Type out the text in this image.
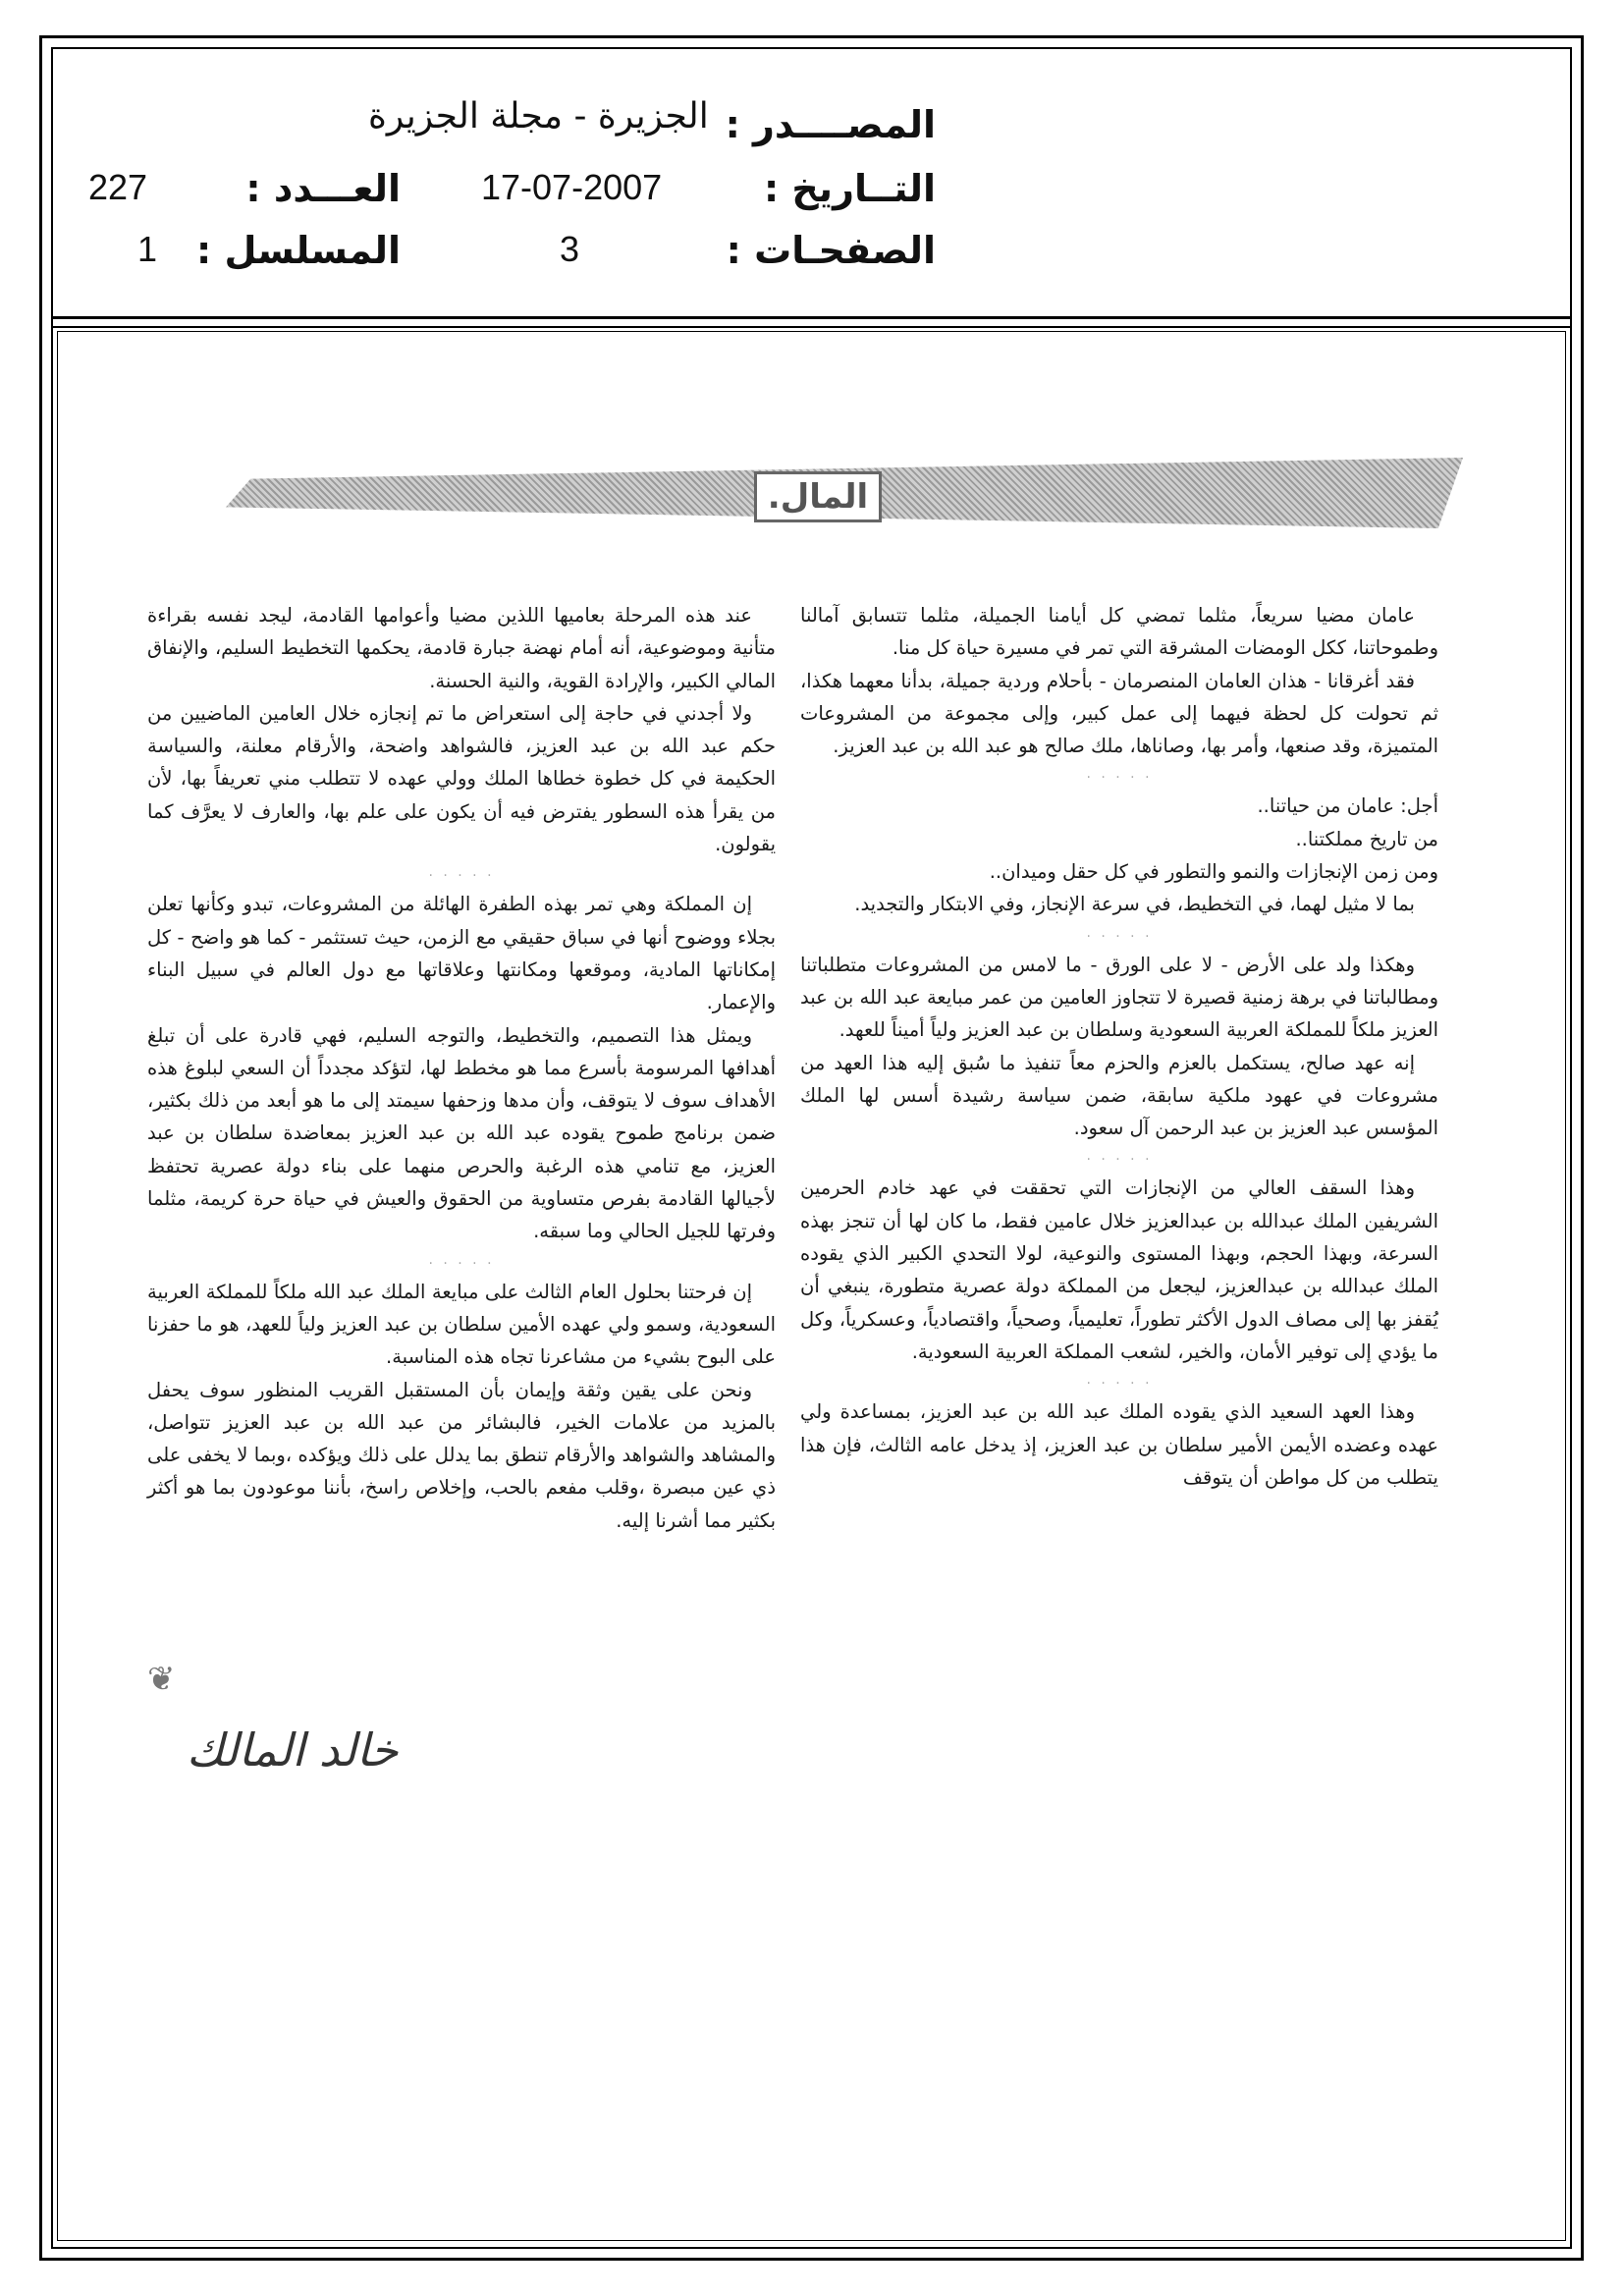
المصــــدر :
الجزيرة - مجلة الجزيرة
التــاريخ :
17-07-2007
العـــدد :
227
الصفحـات :
3
المسلسل :
1
المال.

عامان مضيا سريعاً، مثلما تمضي كل أيامنا الجميلة، مثلما تتسابق آمالنا وطموحاتنا، ككل الومضات المشرقة التي تمر في مسيرة حياة كل منا.

فقد أغرقانا - هذان العامان المنصرمان - بأحلام وردية جميلة، بدأنا معهما هكذا، ثم تحولت كل لحظة فيهما إلى عمل كبير، وإلى مجموعة من المشروعات المتميزة، وقد صنعها، وأمر بها، وصاناها، ملك صالح هو عبد الله بن عبد العزيز.

· · · · ·

أجل: عامان من حياتنا..

من تاريخ مملكتنا..

ومن زمن الإنجازات والنمو والتطور في كل حقل وميدان..

بما لا مثيل لهما، في التخطيط، في سرعة الإنجاز، وفي الابتكار والتجديد.

· · · · ·

وهكذا ولد على الأرض - لا على الورق - ما لامس من المشروعات متطلباتنا ومطالباتنا في برهة زمنية قصيرة لا تتجاوز العامين من عمر مبايعة عبد الله بن عبد العزيز ملكاً للمملكة العربية السعودية وسلطان بن عبد العزيز ولياً أميناً للعهد.

إنه عهد صالح، يستكمل بالعزم والحزم معاً تنفيذ ما سُبق إليه هذا العهد من مشروعات في عهود ملكية سابقة، ضمن سياسة رشيدة أسس لها الملك المؤسس عبد العزيز بن عبد الرحمن آل سعود.

· · · · ·

وهذا السقف العالي من الإنجازات التي تحققت في عهد خادم الحرمين الشريفين الملك عبدالله بن عبدالعزيز خلال عامين فقط، ما كان لها أن تنجز بهذه السرعة، وبهذا الحجم، وبهذا المستوى والنوعية، لولا التحدي الكبير الذي يقوده الملك عبدالله بن عبدالعزيز، ليجعل من المملكة دولة عصرية متطورة، ينبغي أن يُقفز بها إلى مصاف الدول الأكثر تطوراً، تعليمياً، وصحياً، واقتصادياً، وعسكرياً، وكل ما يؤدي إلى توفير الأمان، والخير، لشعب المملكة العربية السعودية.

· · · · ·

وهذا العهد السعيد الذي يقوده الملك عبد الله بن عبد العزيز، بمساعدة ولي عهده وعضده الأيمن الأمير سلطان بن عبد العزيز، إذ يدخل عامه الثالث، فإن هذا يتطلب من كل مواطن أن يتوقف

عند هذه المرحلة بعاميها اللذين مضيا وأعوامها القادمة، ليجد نفسه بقراءة متأنية وموضوعية، أنه أمام نهضة جبارة قادمة، يحكمها التخطيط السليم، والإنفاق المالي الكبير، والإرادة القوية، والنية الحسنة.

ولا أجدني في حاجة إلى استعراض ما تم إنجازه خلال العامين الماضيين من حكم عبد الله بن عبد العزيز، فالشواهد واضحة، والأرقام معلنة، والسياسة الحكيمة في كل خطوة خطاها الملك وولي عهده لا تتطلب مني تعريفاً بها، لأن من يقرأ هذه السطور يفترض فيه أن يكون على علم بها، والعارف لا يعرَّف كما يقولون.

· · · · ·

إن المملكة وهي تمر بهذه الطفرة الهائلة من المشروعات، تبدو وكأنها تعلن بجلاء ووضوح أنها في سباق حقيقي مع الزمن، حيث تستثمر - كما هو واضح - كل إمكاناتها المادية، وموقعها ومكانتها وعلاقاتها مع دول العالم في سبيل البناء والإعمار.

ويمثل هذا التصميم، والتخطيط، والتوجه السليم، فهي قادرة على أن تبلغ أهدافها المرسومة بأسرع مما هو مخطط لها، لتؤكد مجدداً أن السعي لبلوغ هذه الأهداف سوف لا يتوقف، وأن مدها وزحفها سيمتد إلى ما هو أبعد من ذلك بكثير، ضمن برنامج طموح يقوده عبد الله بن عبد العزيز بمعاضدة سلطان بن عبد العزيز، مع تنامي هذه الرغبة والحرص منهما على بناء دولة عصرية تحتفظ لأجيالها القادمة بفرص متساوية من الحقوق والعيش في حياة حرة كريمة، مثلما وفرتها للجيل الحالي وما سبقه.

· · · · ·

إن فرحتنا بحلول العام الثالث على مبايعة الملك عبد الله ملكاً للمملكة العربية السعودية، وسمو ولي عهده الأمين سلطان بن عبد العزيز ولياً للعهد، هو ما حفزنا على البوح بشيء من مشاعرنا تجاه هذه المناسبة.

ونحن على يقين وثقة وإيمان بأن المستقبل القريب المنظور سوف يحفل بالمزيد من علامات الخير، فالبشائر من عبد الله بن عبد العزيز تتواصل، والمشاهد والشواهد والأرقام تنطق بما يدلل على ذلك ويؤكده ،وبما لا يخفى على ذي عين مبصرة ،وقلب مفعم بالحب، وإخلاص راسخ، بأننا موعودون بما هو أكثر بكثير مما أشرنا إليه.

❦
خالد المالك
